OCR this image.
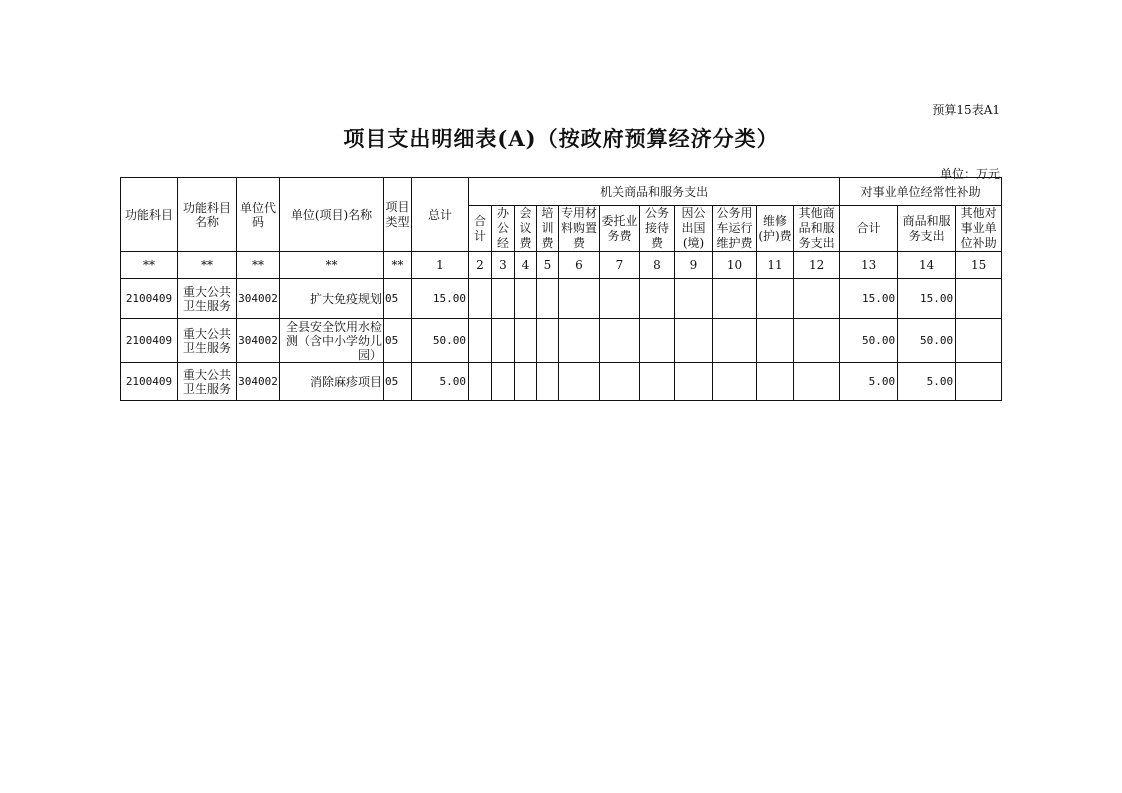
预算15表A1
项目支出明细表(A)（按政府预算经济分类）
单位：万元
功能科目	功能科目名称	单位代码	单位(项目)名称	项目类型	总计	机关商品和服务支出											对事业单位经常性补助		
						合计	办公经	会议费	培训费	专用材料购置费	委托业务费	公务接待费	因公出国(境)	公务用车运行维护费	维修(护)费	其他商品和服务支出	合计	商品和服务支出	其他对事业单位补助
**	**	**	**	**	1	2	3	4	5	6	7	8	9	10	11	12	13	14	15
2100409	重大公共卫生服务	304002	扩大免疫规划	05	15.00												15.00	15.00	
2100409	重大公共卫生服务	304002	全县安全饮用水检测（含中小学幼儿园）	05	50.00												50.00	50.00	
2100409	重大公共卫生服务	304002	消除麻疹项目	05	5.00												5.00	5.00	
